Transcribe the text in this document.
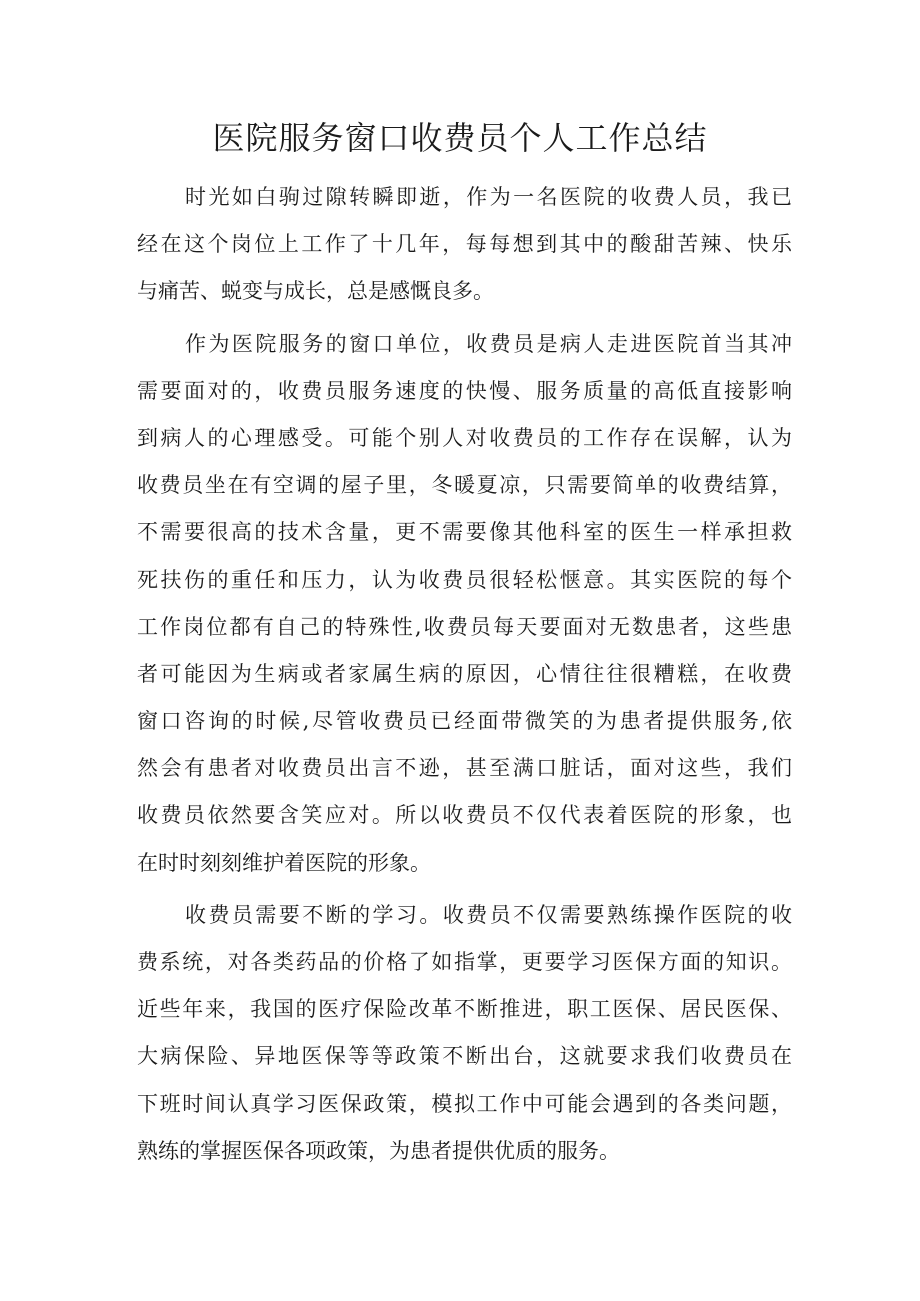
医院服务窗口收费员个人工作总结
时光如白驹过隙转瞬即逝，作为一名医院的收费人员，我已
经在这个岗位上工作了十几年，每每想到其中的酸甜苦辣、快乐
与痛苦、蜕变与成长，总是感慨良多。
作为医院服务的窗口单位，收费员是病人走进医院首当其冲
需要面对的，收费员服务速度的快慢、服务质量的高低直接影响
到病人的心理感受。可能个别人对收费员的工作存在误解，认为
收费员坐在有空调的屋子里，冬暖夏凉，只需要简单的收费结算，
不需要很高的技术含量，更不需要像其他科室的医生一样承担救
死扶伤的重任和压力，认为收费员很轻松惬意。其实医院的每个
工作岗位都有自己的特殊性,收费员每天要面对无数患者，这些患
者可能因为生病或者家属生病的原因，心情往往很糟糕，在收费
窗口咨询的时候,尽管收费员已经面带微笑的为患者提供服务,依
然会有患者对收费员出言不逊，甚至满口脏话，面对这些，我们
收费员依然要含笑应对。所以收费员不仅代表着医院的形象，也
在时时刻刻维护着医院的形象。
收费员需要不断的学习。收费员不仅需要熟练操作医院的收
费系统，对各类药品的价格了如指掌，更要学习医保方面的知识。
近些年来，我国的医疗保险改革不断推进，职工医保、居民医保、
大病保险、异地医保等等政策不断出台，这就要求我们收费员在
下班时间认真学习医保政策，模拟工作中可能会遇到的各类问题，
熟练的掌握医保各项政策，为患者提供优质的服务。
